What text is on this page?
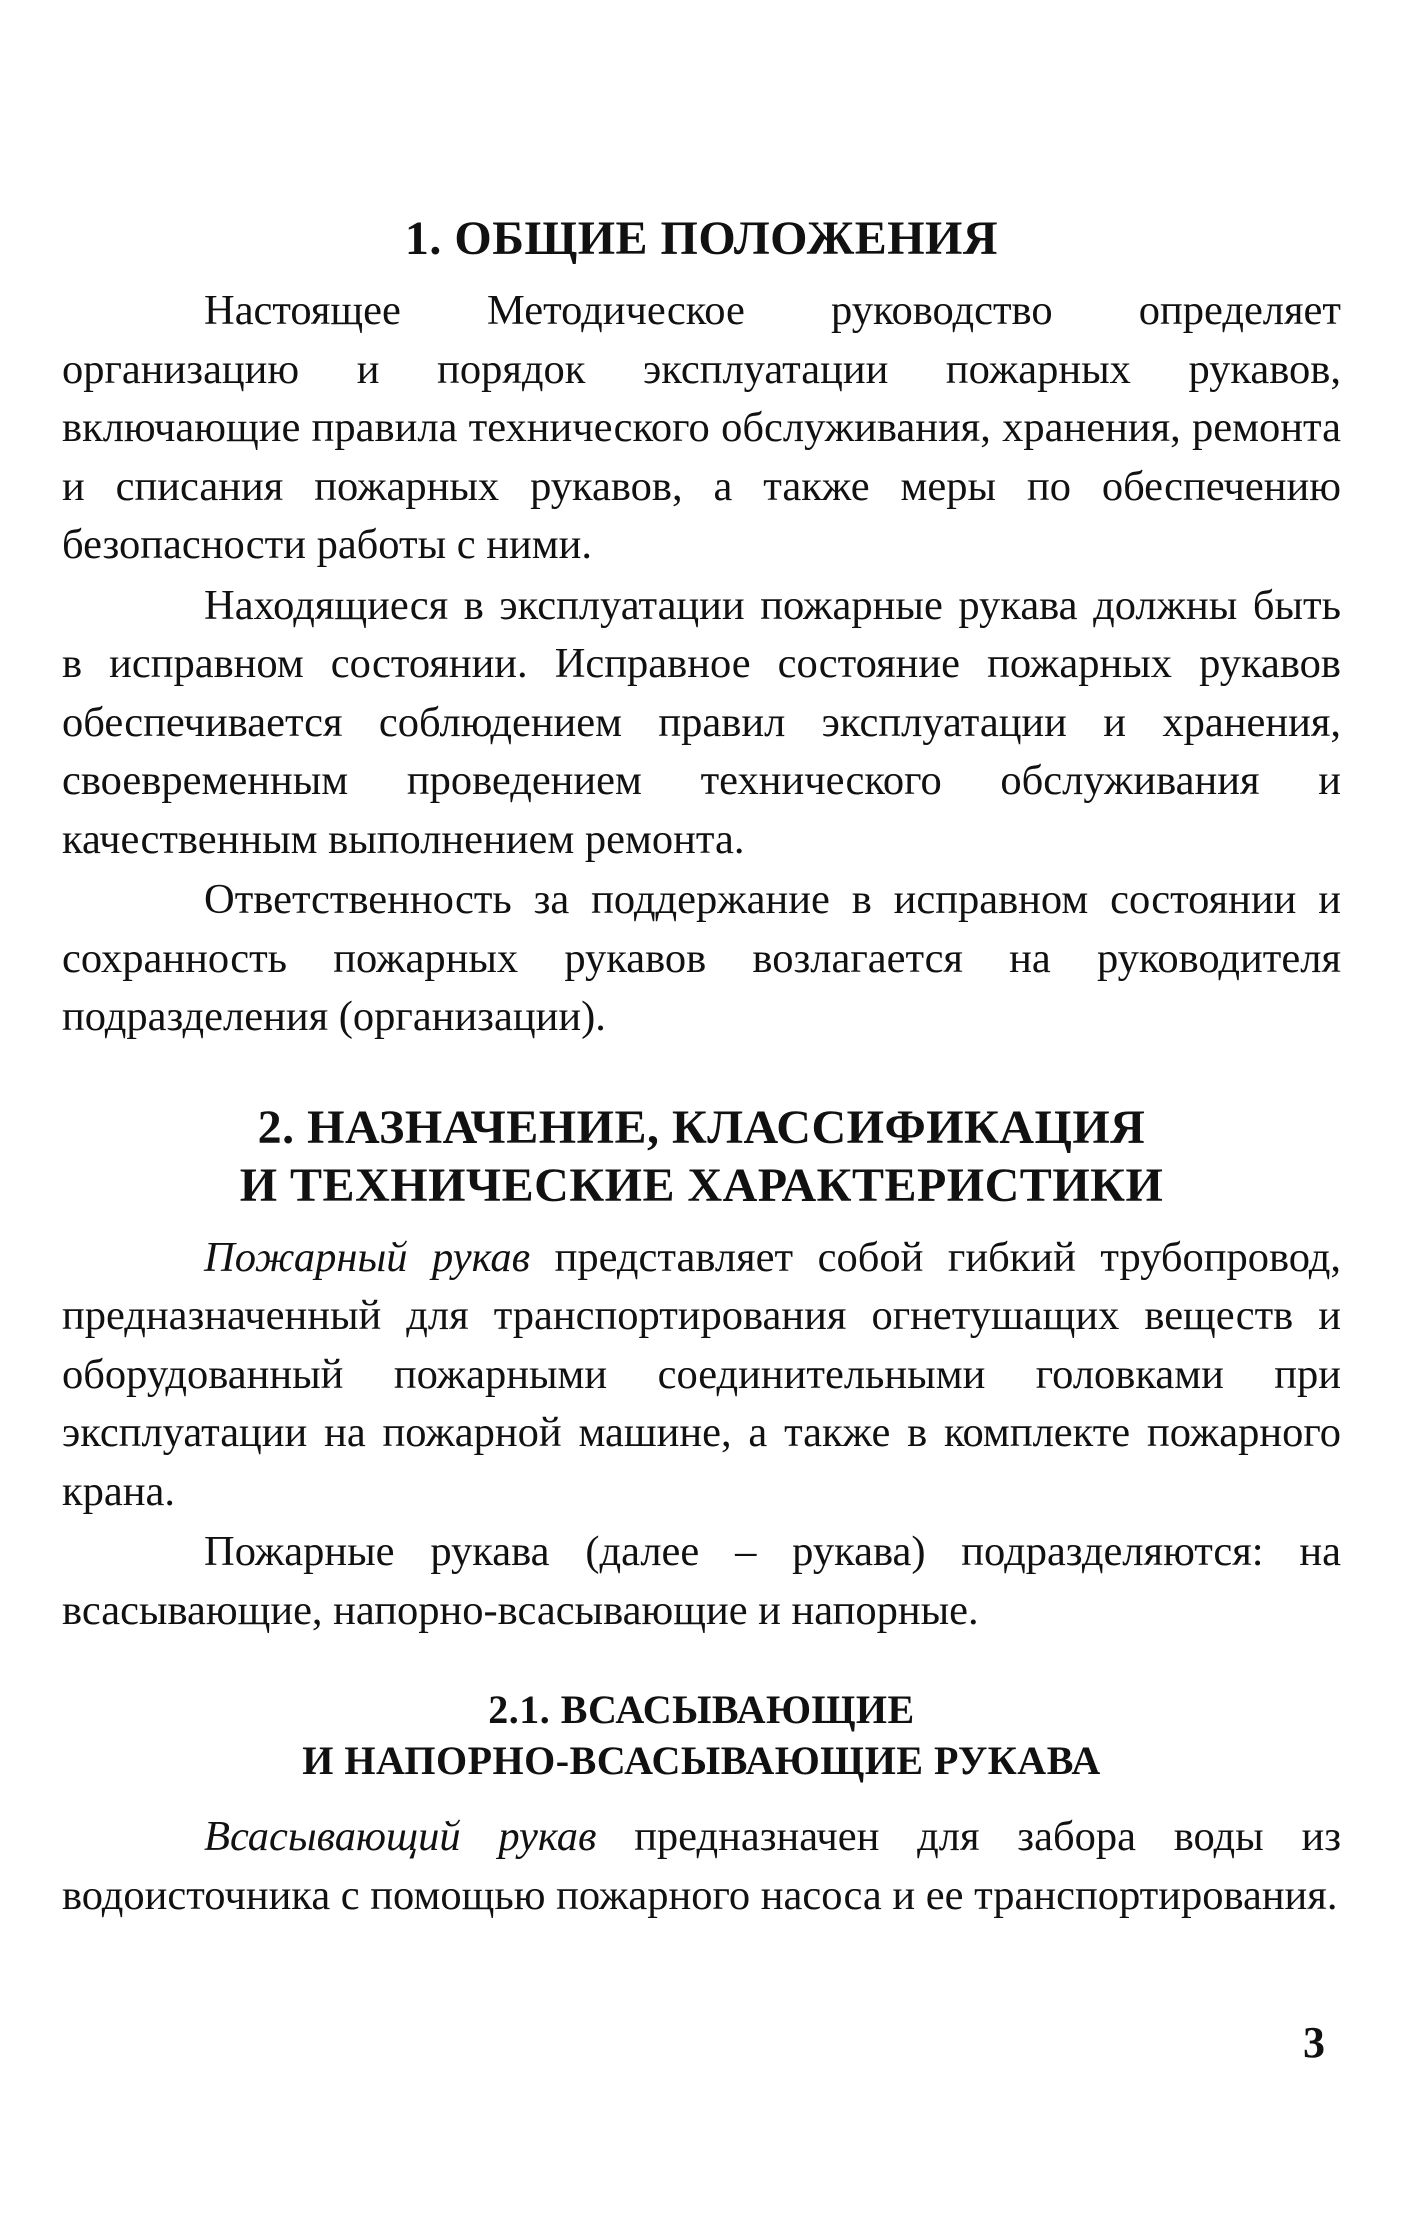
1. ОБЩИЕ ПОЛОЖЕНИЯ

Настоящее Методическое руководство определяет организацию и порядок эксплуатации пожарных рукавов, включающие правила технического обслуживания, хранения, ремонта и списания пожарных рукавов, а также меры по обеспечению безопасности работы с ними.

Находящиеся в эксплуатации пожарные рукава должны быть в исправном состоянии. Исправное состояние пожарных рукавов обеспечивается соблюдением правил эксплуатации и хранения, своевременным проведением технического обслуживания и качественным выполнением ремонта.

Ответственность за поддержание в исправном состоянии и сохранность пожарных рукавов возлагается на руководителя подразделения (организации).

2. НАЗНАЧЕНИЕ, КЛАССИФИКАЦИЯ
И ТЕХНИЧЕСКИЕ ХАРАКТЕРИСТИКИ

Пожарный рукав представляет собой гибкий трубопровод, предназначенный для транспортирования огнетушащих веществ и оборудованный пожарными соединительными головками при эксплуатации на пожарной машине, а также в комплекте пожарного крана.

Пожарные рукава (далее – рукава) подразделяются: на всасывающие, напорно-всасывающие и напорные.

2.1. ВСАСЫВАЮЩИЕ
И НАПОРНО-ВСАСЫВАЮЩИЕ РУКАВА

Всасывающий рукав предназначен для забора воды из водоисточника с помощью пожарного насоса и ее транспортирования.

3
